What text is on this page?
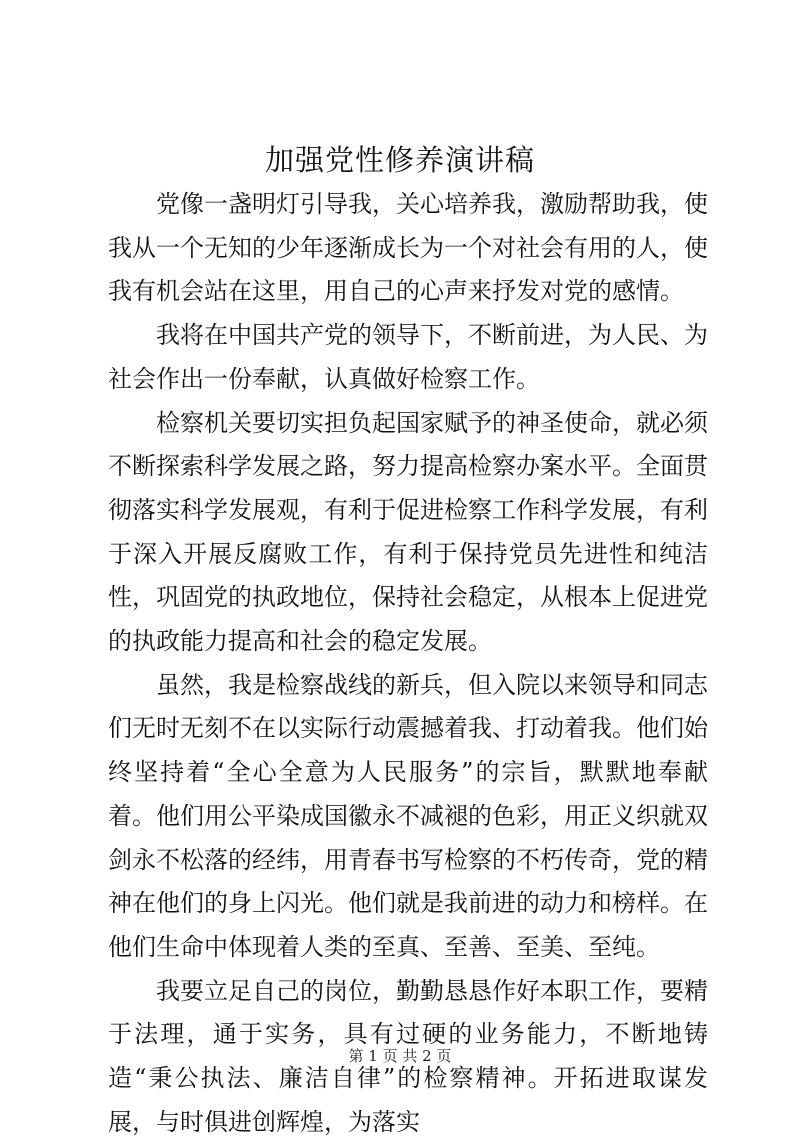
加强党性修养演讲稿

党像一盏明灯引导我，关心培养我，激励帮助我，使我从一个无知的少年逐渐成长为一个对社会有用的人，使我有机会站在这里，用自己的心声来抒发对党的感情。

我将在中国共产党的领导下，不断前进，为人民、为社会作出一份奉献，认真做好检察工作。

检察机关要切实担负起国家赋予的神圣使命，就必须不断探索科学发展之路，努力提高检察办案水平。全面贯彻落实科学发展观，有利于促进检察工作科学发展，有利于深入开展反腐败工作，有利于保持党员先进性和纯洁性，巩固党的执政地位，保持社会稳定，从根本上促进党的执政能力提高和社会的稳定发展。

虽然，我是检察战线的新兵，但入院以来领导和同志们无时无刻不在以实际行动震撼着我、打动着我。他们始终坚持着“全心全意为人民服务”的宗旨，默默地奉献着。他们用公平染成国徽永不减褪的色彩，用正义织就双剑永不松落的经纬，用青春书写检察的不朽传奇，党的精神在他们的身上闪光。他们就是我前进的动力和榜样。在他们生命中体现着人类的至真、至善、至美、至纯。

我要立足自己的岗位，勤勤恳恳作好本职工作，要精于法理，通于实务，具有过硬的业务能力，不断地铸造“秉公执法、廉洁自律”的检察精神。开拓进取谋发展，与时俱进创辉煌，为落实

第 1 页 共 2 页
